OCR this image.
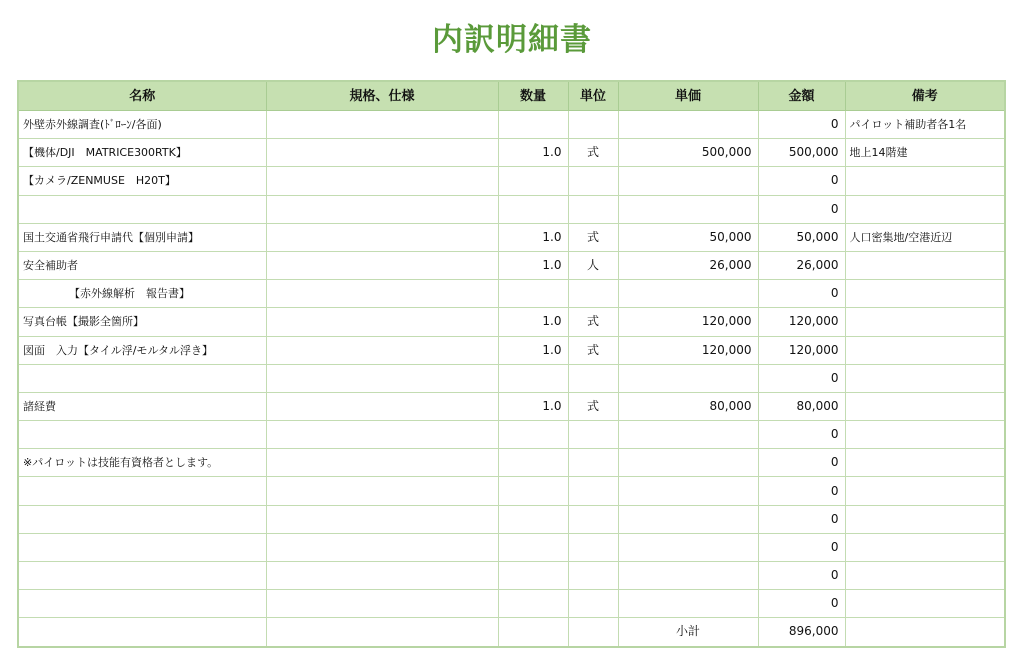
内訳明細書
名称	規格、仕様	数量	単位	単価	金額	備考
外壁赤外線調査(ﾄﾞﾛｰﾝ/各面)					0	パイロット補助者各1名
【機体/DJI　MATRICE300RTK】		1.0	式	500,000	500,000	地上14階建
【カメラ/ZENMUSE　H20T】					0	
					0	
国土交通省飛行申請代【個別申請】		1.0	式	50,000	50,000	人口密集地/空港近辺
安全補助者		1.0	人	26,000	26,000	
【赤外線解析　報告書】					0	
写真台帳【撮影全箇所】		1.0	式	120,000	120,000	
図面　入力【タイル浮/モルタル浮き】		1.0	式	120,000	120,000	
					0	
諸経費		1.0	式	80,000	80,000	
					0	
※パイロットは技能有資格者とします。					0	
					0	
					0	
					0	
					0	
					0	
				小計	896,000	
